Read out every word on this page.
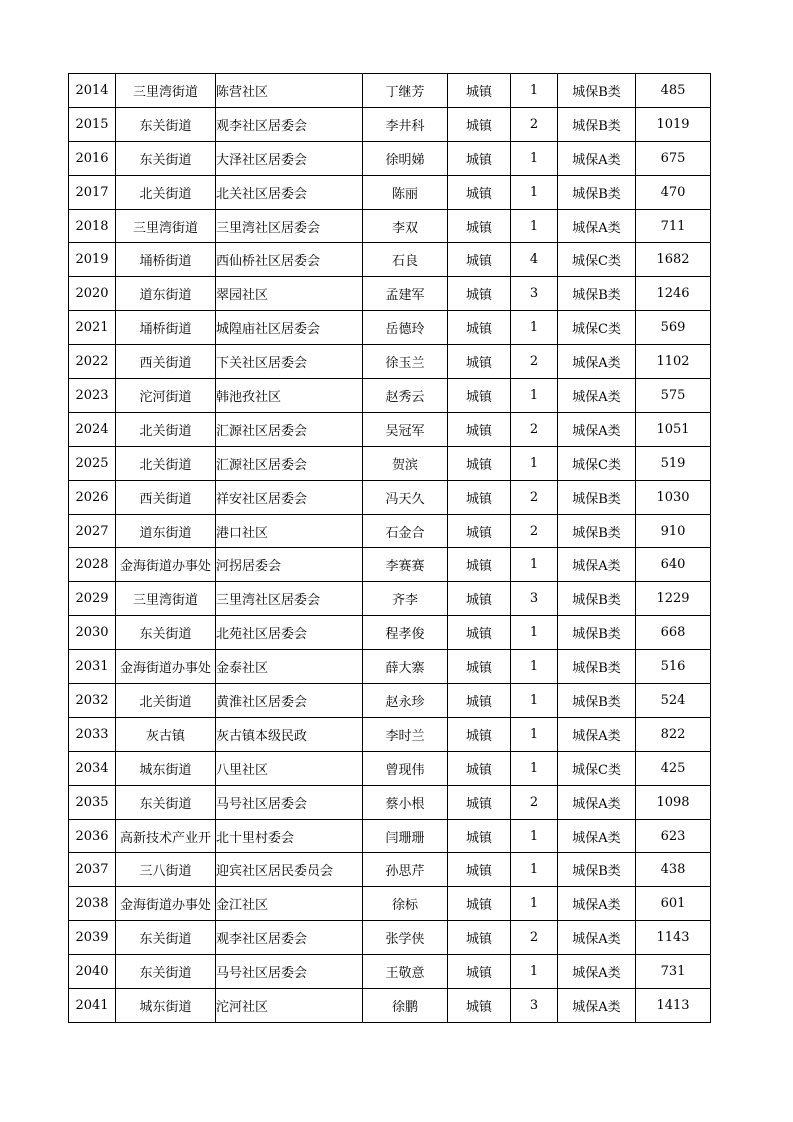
2014	三里湾街道	陈营社区	丁继芳	城镇	1	城保B类	485
2015	东关街道	观李社区居委会	李井科	城镇	2	城保B类	1019
2016	东关街道	大泽社区居委会	徐明娣	城镇	1	城保A类	675
2017	北关街道	北关社区居委会	陈丽	城镇	1	城保B类	470
2018	三里湾街道	三里湾社区居委会	李双	城镇	1	城保A类	711
2019	埇桥街道	西仙桥社区居委会	石良	城镇	4	城保C类	1682
2020	道东街道	翠园社区	孟建军	城镇	3	城保B类	1246
2021	埇桥街道	城隍庙社区居委会	岳德玲	城镇	1	城保C类	569
2022	西关街道	下关社区居委会	徐玉兰	城镇	2	城保A类	1102
2023	沱河街道	韩池孜社区	赵秀云	城镇	1	城保A类	575
2024	北关街道	汇源社区居委会	吴冠军	城镇	2	城保A类	1051
2025	北关街道	汇源社区居委会	贺滨	城镇	1	城保C类	519
2026	西关街道	祥安社区居委会	冯天久	城镇	2	城保B类	1030
2027	道东街道	港口社区	石金合	城镇	2	城保B类	910
2028	金海街道办事处	河拐居委会	李赛赛	城镇	1	城保A类	640
2029	三里湾街道	三里湾社区居委会	齐李	城镇	3	城保B类	1229
2030	东关街道	北苑社区居委会	程孝俊	城镇	1	城保B类	668
2031	金海街道办事处	金泰社区	薛大寨	城镇	1	城保B类	516
2032	北关街道	黄淮社区居委会	赵永珍	城镇	1	城保B类	524
2033	灰古镇	灰古镇本级民政	李时兰	城镇	1	城保A类	822
2034	城东街道	八里社区	曾现伟	城镇	1	城保C类	425
2035	东关街道	马号社区居委会	蔡小根	城镇	2	城保A类	1098
2036	高新技术产业开	北十里村委会	闫珊珊	城镇	1	城保A类	623
2037	三八街道	迎宾社区居民委员会	孙思芹	城镇	1	城保B类	438
2038	金海街道办事处	金江社区	徐标	城镇	1	城保A类	601
2039	东关街道	观李社区居委会	张学侠	城镇	2	城保A类	1143
2040	东关街道	马号社区居委会	王敬意	城镇	1	城保A类	731
2041	城东街道	沱河社区	徐鹏	城镇	3	城保A类	1413
